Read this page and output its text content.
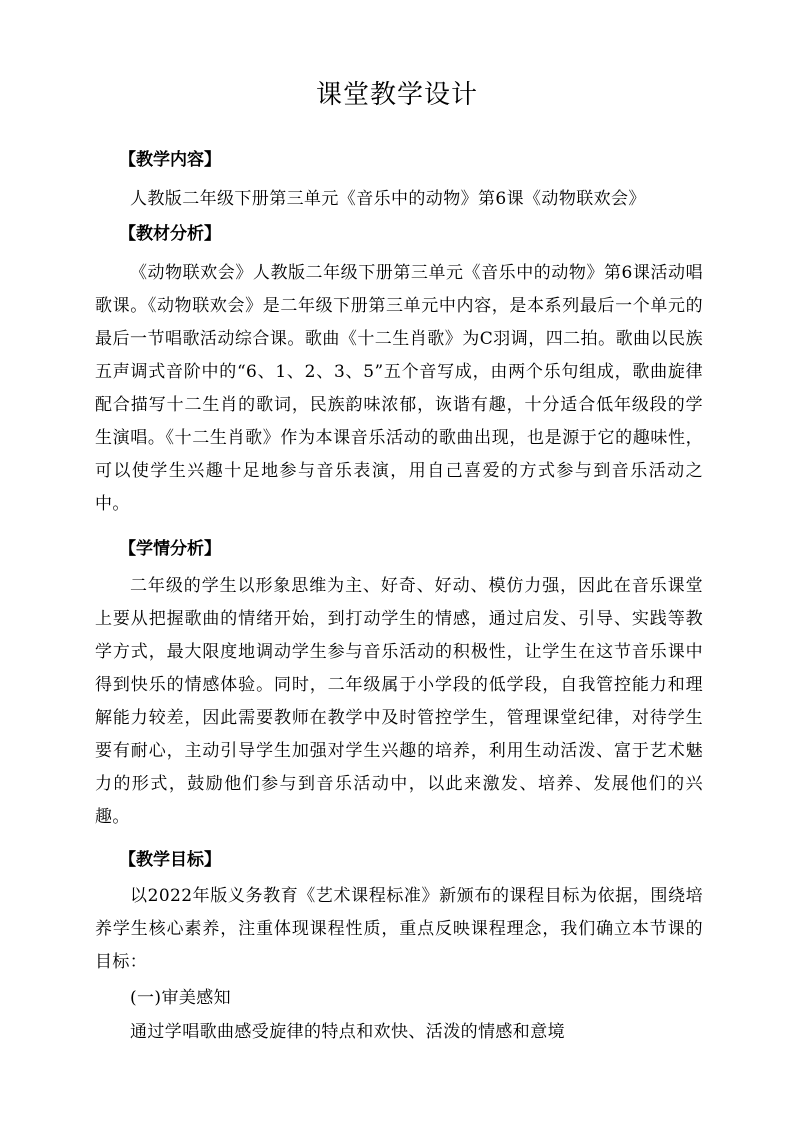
课堂教学设计
【教学内容】

人教版二年级下册第三单元《音乐中的动物》第6课《动物联欢会》

【教材分析】

《动物联欢会》人教版二年级下册第三单元《音乐中的动物》第6课活动唱歌课。《动物联欢会》是二年级下册第三单元中内容，是本系列最后一个单元的最后一节唱歌活动综合课。歌曲《十二生肖歌》为C羽调，四二拍。歌曲以民族五声调式音阶中的“6、1、2、3、5”五个音写成，由两个乐句组成，歌曲旋律配合描写十二生肖的歌词，民族韵味浓郁，诙谐有趣，十分适合低年级段的学生演唱。《十二生肖歌》作为本课音乐活动的歌曲出现，也是源于它的趣味性，可以使学生兴趣十足地参与音乐表演，用自己喜爱的方式参与到音乐活动之中。

【学情分析】

二年级的学生以形象思维为主、好奇、好动、模仿力强，因此在音乐课堂上要从把握歌曲的情绪开始，到打动学生的情感，通过启发、引导、实践等教学方式，最大限度地调动学生参与音乐活动的积极性，让学生在这节音乐课中得到快乐的情感体验。同时，二年级属于小学段的低学段，自我管控能力和理解能力较差，因此需要教师在教学中及时管控学生，管理课堂纪律，对待学生要有耐心，主动引导学生加强对学生兴趣的培养，利用生动活泼、富于艺术魅力的形式，鼓励他们参与到音乐活动中，以此来激发、培养、发展他们的兴趣。

【教学目标】

以2022年版义务教育《艺术课程标准》新颁布的课程目标为依据，围绕培养学生核心素养，注重体现课程性质，重点反映课程理念，我们确立本节课的目标：

(一)审美感知
通过学唱歌曲感受旋律的特点和欢快、活泼的情感和意境
